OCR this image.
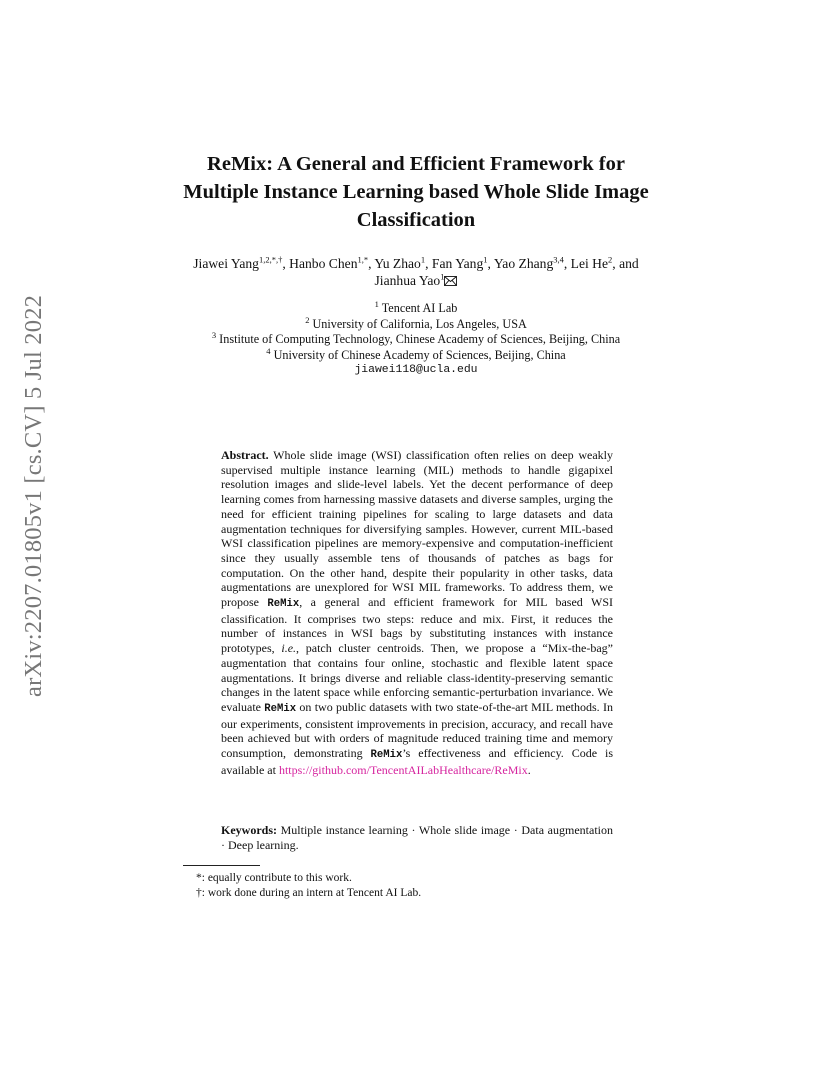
arXiv:2207.01805v1 [cs.CV] 5 Jul 2022
ReMix: A General and Efficient Framework for Multiple Instance Learning based Whole Slide Image Classification
Jiawei Yang$^{1,2,*,\dagger}$, Hanbo Chen$^{1,*}$, Yu Zhao$^1$, Fan Yang$^1$, Yao Zhang$^{3,4}$, Lei He$^2$, and Jianhua Yao$^1$
$^1$ Tencent AI Lab
$^2$ University of California, Los Angeles, USA
$^3$ Institute of Computing Technology, Chinese Academy of Sciences, Beijing, China
$^4$ University of Chinese Academy of Sciences, Beijing, China
jiawei118@ucla.edu
Abstract. Whole slide image (WSI) classification often relies on deep weakly supervised multiple instance learning (MIL) methods to handle gigapixel resolution images and slide-level labels. Yet the decent performance of deep learning comes from harnessing massive datasets and diverse samples, urging the need for efficient training pipelines for scaling to large datasets and data augmentation techniques for diversifying samples. However, current MIL-based WSI classification pipelines are memory-expensive and computation-inefficient since they usually assemble tens of thousands of patches as bags for computation. On the other hand, despite their popularity in other tasks, data augmentations are unexplored for WSI MIL frameworks. To address them, we propose ReMix, a general and efficient framework for MIL based WSI classification. It comprises two steps: reduce and mix. First, it reduces the number of instances in WSI bags by substituting instances with instance prototypes, i.e., patch cluster centroids. Then, we propose a “Mix-the-bag” augmentation that contains four online, stochastic and flexible latent space augmentations. It brings diverse and reliable class-identity-preserving semantic changes in the latent space while enforcing semantic-perturbation invariance. We evaluate ReMix on two public datasets with two state-of-the-art MIL methods. In our experiments, consistent improvements in precision, accuracy, and recall have been achieved but with orders of magnitude reduced training time and memory consumption, demonstrating ReMix’s effectiveness and efficiency. Code is available at https://github.com/TencentAILabHealthcare/ReMix.
Keywords: Multiple instance learning · Whole slide image · Data augmentation · Deep learning.
*: equally contribute to this work.
†: work done during an intern at Tencent AI Lab.
